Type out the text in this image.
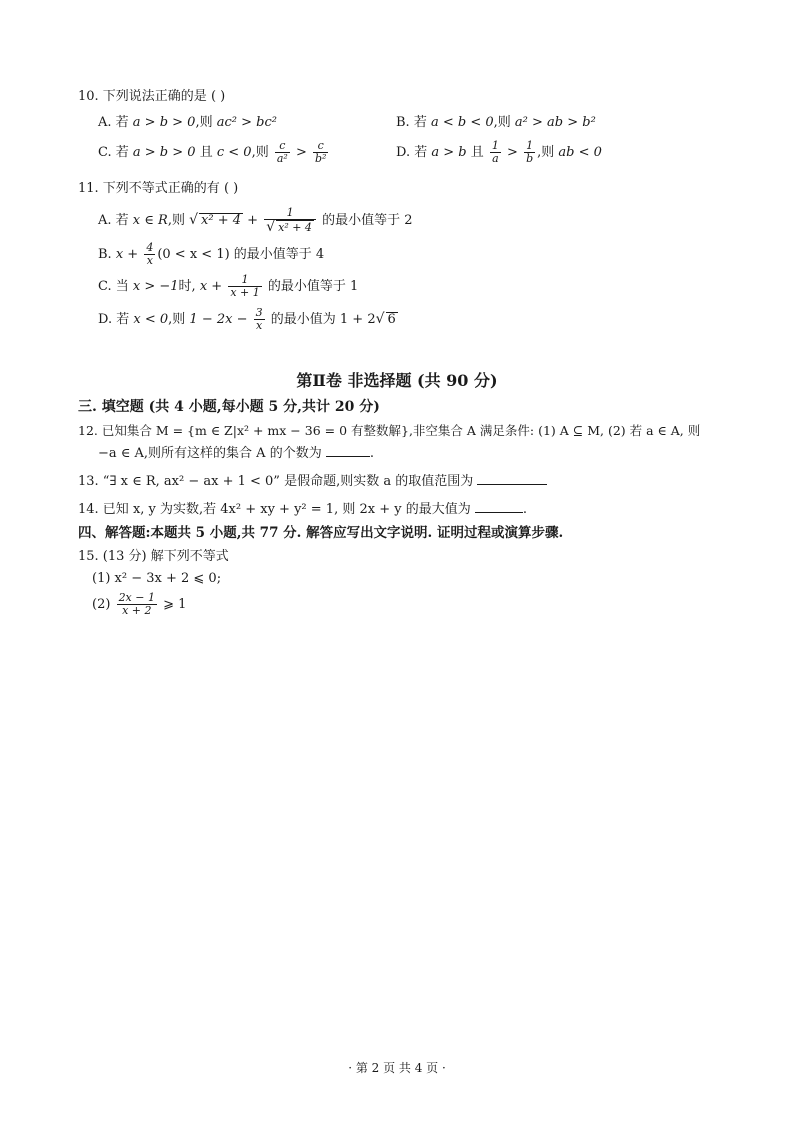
10. 下列说法正确的是 ( )
A. 若 a > b > 0,则 ac² > bc²	B. 若 a < b < 0,则 a² > ab > b²
C. 若 a > b > 0 且 c < 0,则 $\frac{c}{\text{a²}} > \frac{c}{\text{b²}}$	D. 若 a > b 且 $\frac{1}{a} > \frac{1}{b}$ ,则 ab < 0
11. 下列不等式正确的有 ( )
A. 若 x ∈ R,则 √ $x^2 + 4 + \frac{1}{\text{√ x² + 4}}$ 的最小值等于 2
B. $x + \frac{4}{x} (0 < x < 1)$ 的最小值等于 4
C. 当 x > −1时, $x + \frac{1}{x + 1}$ 的最小值等于 1
D. 若 x < 0,则 $1 - 2x - \frac{3}{x}$ 的最小值为 1 + 2√ 6
第Ⅱ卷 非选择题 (共 90 分)
三. 填空题 (共 4 小题,每小题 5 分,共计 20 分)
12. 已知集合 M = {m ∈ Z|x² + mx − 36 = 0 有整数解},非空集合 A 满足条件: (1) A ⊆ M, (2) 若 a ∈ A, 则
−a ∈ A,则所有这样的集合 A 的个数为	.
13. “∃ x ∈ R, ax² − ax + 1 < 0” 是假命题,则实数 a 的取值范围为
14. 已知 x, y 为实数,若 4x² + xy + y² = 1, 则 2x + y 的最大值为	.
四、解答题:本题共 5 小题,共 77 分. 解答应写出文字说明. 证明过程或演算步骤.
15. (13 分) 解下列不等式
(1) x² − 3x + 2 ⩽ 0;
$(2) \frac{2x - 1}{x + 2}$ ⩾ 1
· 第 2 页 共 4 页 ·
